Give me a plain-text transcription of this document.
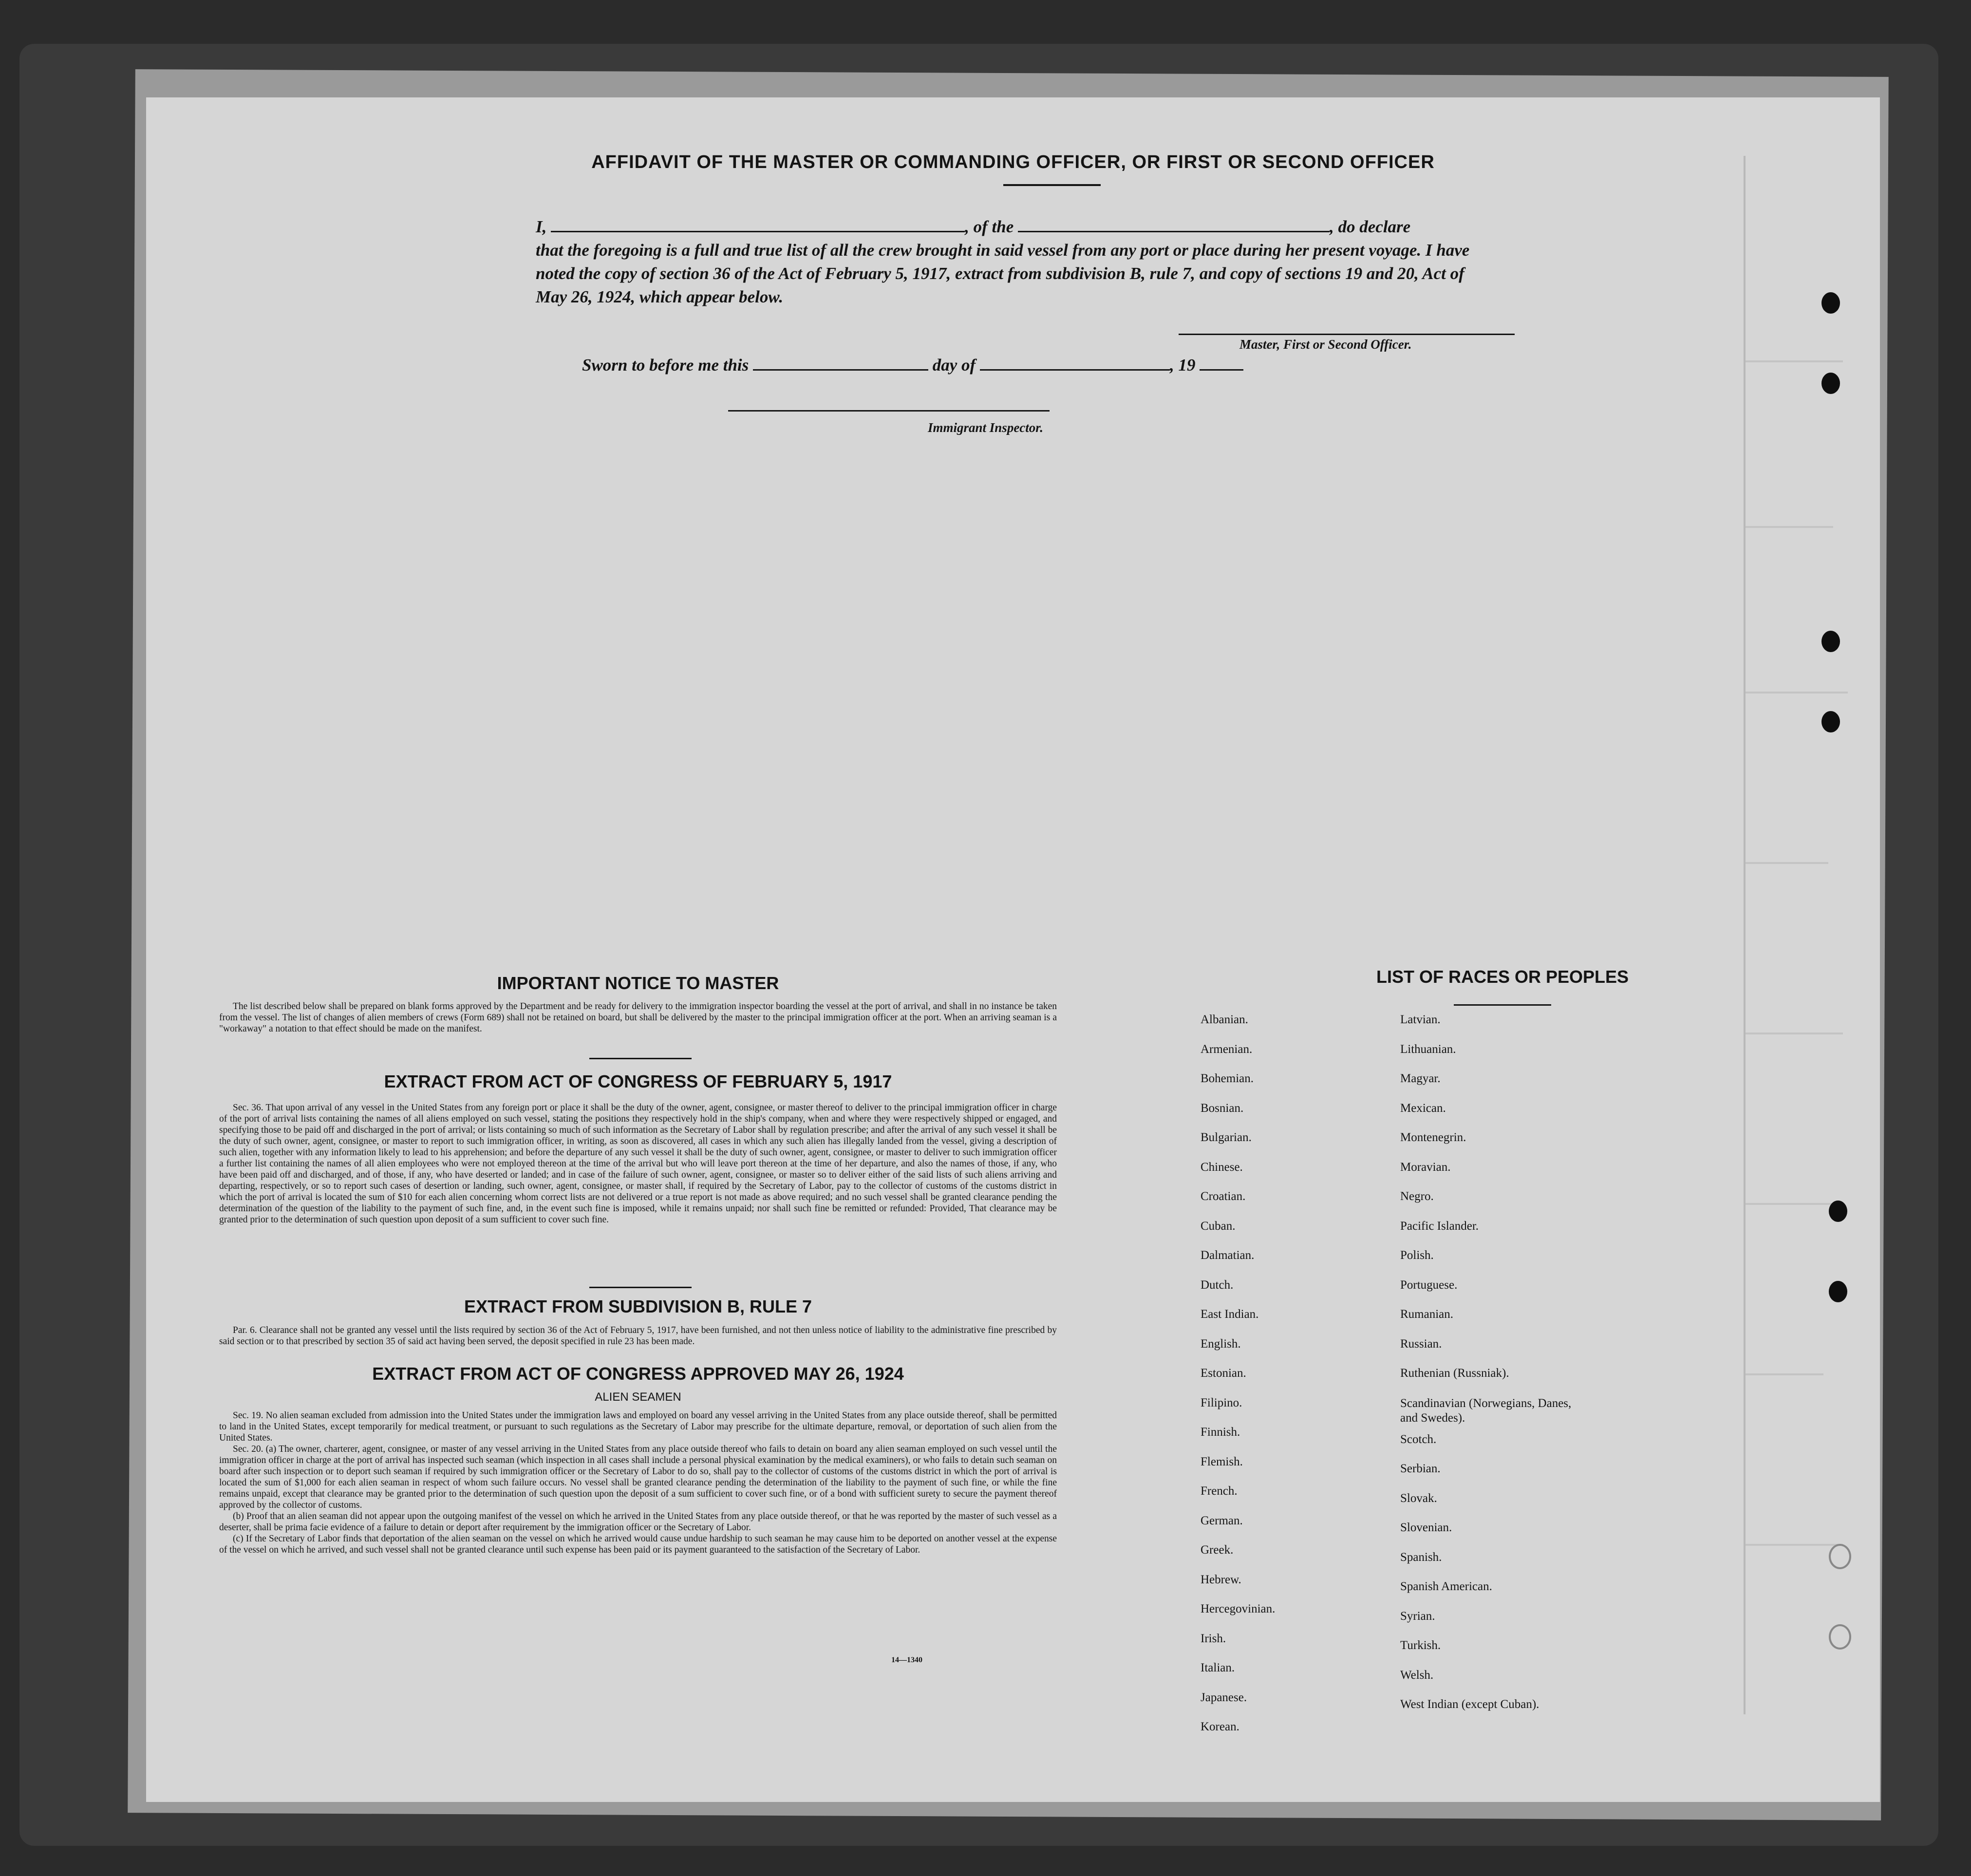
AFFIDAVIT OF THE MASTER OR COMMANDING OFFICER, OR FIRST OR SECOND OFFICER
I,	, of the	, do declare
that the foregoing is a full and true list of all the crew brought in said vessel from any port or place during her present voyage. I have noted the copy of section 36 of the Act of February 5, 1917, extract from subdivision B, rule 7, and copy of sections 19 and 20, Act of May 26, 1924, which appear below.
Master, First or Second Officer.
Sworn to before me this	day of	, 19
Immigrant Inspector.
IMPORTANT NOTICE TO MASTER

The list described below shall be prepared on blank forms approved by the Department and be ready for delivery to the immigration inspector boarding the vessel at the port of arrival, and shall in no instance be taken from the vessel. The list of changes of alien members of crews (Form 689) shall not be retained on board, but shall be delivered by the master to the principal immigration officer at the port. When an arriving seaman is a "workaway" a notation to that effect should be made on the manifest.

EXTRACT FROM ACT OF CONGRESS OF FEBRUARY 5, 1917

Sec. 36. That upon arrival of any vessel in the United States from any foreign port or place it shall be the duty of the owner, agent, consignee, or master thereof to deliver to the principal immigration officer in charge of the port of arrival lists containing the names of all aliens employed on such vessel, stating the positions they respectively hold in the ship's company, when and where they were respectively shipped or engaged, and specifying those to be paid off and discharged in the port of arrival; or lists containing so much of such information as the Secretary of Labor shall by regulation prescribe; and after the arrival of any such vessel it shall be the duty of such owner, agent, consignee, or master to report to such immigration officer, in writing, as soon as discovered, all cases in which any such alien has illegally landed from the vessel, giving a description of such alien, together with any information likely to lead to his apprehension; and before the departure of any such vessel it shall be the duty of such owner, agent, consignee, or master to deliver to such immigration officer a further list containing the names of all alien employees who were not employed thereon at the time of the arrival but who will leave port thereon at the time of her departure, and also the names of those, if any, who have been paid off and discharged, and of those, if any, who have deserted or landed; and in case of the failure of such owner, agent, consignee, or master so to deliver either of the said lists of such aliens arriving and departing, respectively, or so to report such cases of desertion or landing, such owner, agent, consignee, or master shall, if required by the Secretary of Labor, pay to the collector of customs of the customs district in which the port of arrival is located the sum of $10 for each alien concerning whom correct lists are not delivered or a true report is not made as above required; and no such vessel shall be granted clearance pending the determination of the question of the liability to the payment of such fine, and, in the event such fine is imposed, while it remains unpaid; nor shall such fine be remitted or refunded: Provided, That clearance may be granted prior to the determination of such question upon deposit of a sum sufficient to cover such fine.

EXTRACT FROM SUBDIVISION B, RULE 7

Par. 6. Clearance shall not be granted any vessel until the lists required by section 36 of the Act of February 5, 1917, have been furnished, and not then unless notice of liability to the administrative fine prescribed by said section or to that prescribed by section 35 of said act having been served, the deposit specified in rule 23 has been made.

EXTRACT FROM ACT OF CONGRESS APPROVED MAY 26, 1924
ALIEN SEAMEN

Sec. 19. No alien seaman excluded from admission into the United States under the immigration laws and employed on board any vessel arriving in the United States from any place outside thereof, shall be permitted to land in the United States, except temporarily for medical treatment, or pursuant to such regulations as the Secretary of Labor may prescribe for the ultimate departure, removal, or deportation of such alien from the United States.

Sec. 20. (a) The owner, charterer, agent, consignee, or master of any vessel arriving in the United States from any place outside thereof who fails to detain on board any alien seaman employed on such vessel until the immigration officer in charge at the port of arrival has inspected such seaman (which inspection in all cases shall include a personal physical examination by the medical examiners), or who fails to detain such seaman on board after such inspection or to deport such seaman if required by such immigration officer or the Secretary of Labor to do so, shall pay to the collector of customs of the customs district in which the port of arrival is located the sum of $1,000 for each alien seaman in respect of whom such failure occurs. No vessel shall be granted clearance pending the determination of the liability to the payment of such fine, or while the fine remains unpaid, except that clearance may be granted prior to the determination of such question upon the deposit of a sum sufficient to cover such fine, or of a bond with sufficient surety to secure the payment thereof approved by the collector of customs.

(b) Proof that an alien seaman did not appear upon the outgoing manifest of the vessel on which he arrived in the United States from any place outside thereof, or that he was reported by the master of such vessel as a deserter, shall be prima facie evidence of a failure to detain or deport after requirement by the immigration officer or the Secretary of Labor.

(c) If the Secretary of Labor finds that deportation of the alien seaman on the vessel on which he arrived would cause undue hardship to such seaman he may cause him to be deported on another vessel at the expense of the vessel on which he arrived, and such vessel shall not be granted clearance until such expense has been paid or its payment guaranteed to the satisfaction of the Secretary of Labor.

14—1340
LIST OF RACES OR PEOPLES
Albanian.
Armenian.
Bohemian.
Bosnian.
Bulgarian.
Chinese.
Croatian.
Cuban.
Dalmatian.
Dutch.
East Indian.
English.
Estonian.
Filipino.
Finnish.
Flemish.
French.
German.
Greek.
Hebrew.
Hercegovinian.
Irish.
Italian.
Japanese.
Korean.
Latvian.
Lithuanian.
Magyar.
Mexican.
Montenegrin.
Moravian.
Negro.
Pacific Islander.
Polish.
Portuguese.
Rumanian.
Russian.
Ruthenian (Russniak).
Scandinavian (Norwegians, Danes, and Swedes).
Scotch.
Serbian.
Slovak.
Slovenian.
Spanish.
Spanish American.
Syrian.
Turkish.
Welsh.
West Indian (except Cuban).
